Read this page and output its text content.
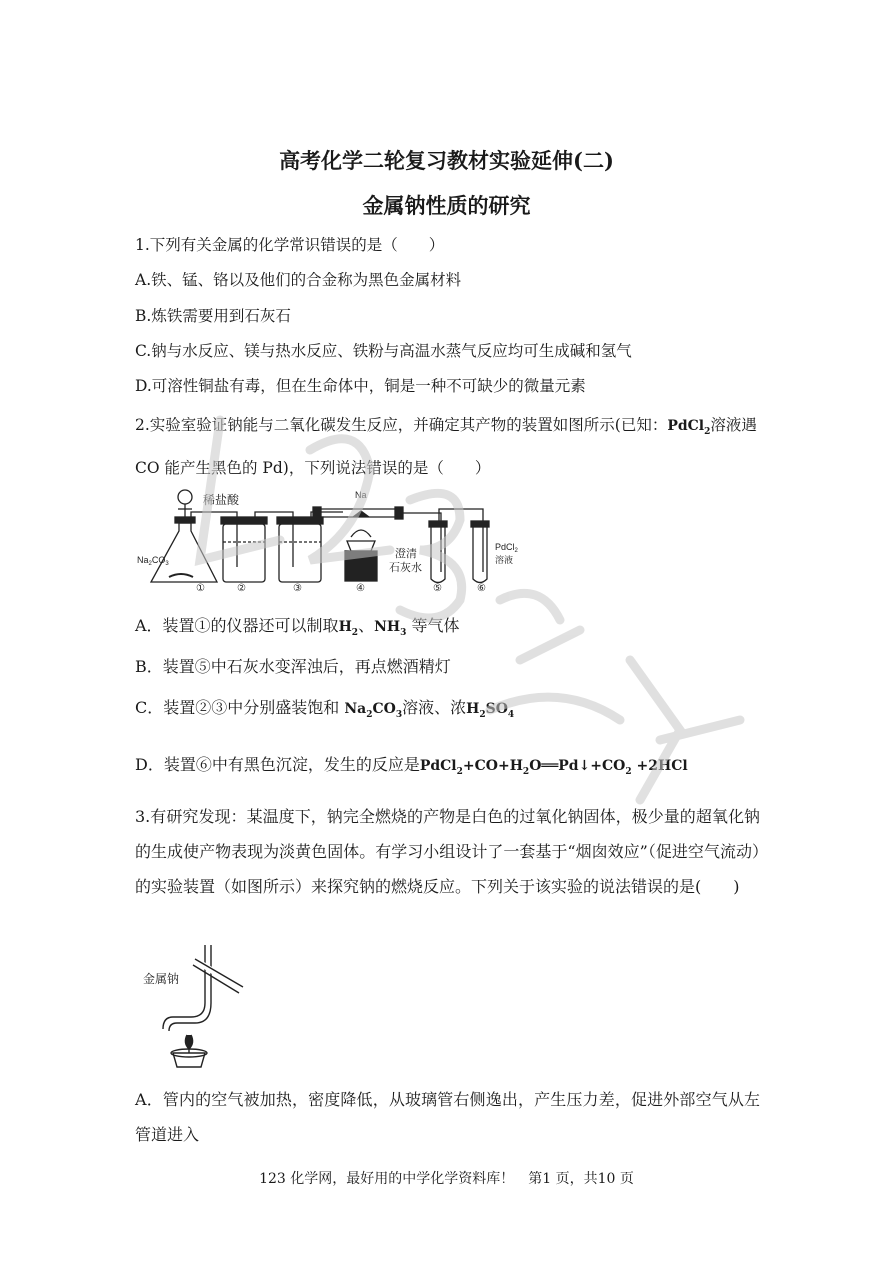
高考化学二轮复习教材实验延伸(二)
金属钠性质的研究
1.下列有关金属的化学常识错误的是（　　）
A.铁、锰、铬以及他们的合金称为黑色金属材料
B.炼铁需要用到石灰石
C.钠与水反应、镁与热水反应、铁粉与高温水蒸气反应均可生成碱和氢气
D.可溶性铜盐有毒，但在生命体中，铜是一种不可缺少的微量元素
2.实验室验证钠能与二氧化碳发生反应，并确定其产物的装置如图所示(已知：PdCl$_2$溶液遇
CO 能产生黑色的 Pd)，下列说法错误的是（　　）
稀盐酸
$Na_2CO_3$
Na
澄清
石灰水
PdCl$_2$
溶液
①	②	③	④	⑤	⑥
A．装置①的仪器还可以制取$H_2$、$NH_3$ 等气体
B．装置⑤中石灰水变浑浊后，再点燃酒精灯
C．装置②③中分别盛装饱和 $Na_2CO_3$溶液、浓$H_2SO_4$
D．装置⑥中有黑色沉淀，发生的反应是$PdCl_2+CO+H_2O══Pd↓+CO_2 +2HCl$
3.有研究发现：某温度下，钠完全燃烧的产物是白色的过氧化钠固体，极少量的超氧化钠的生成使产物表现为淡黄色固体。有学习小组设计了一套基于“烟囱效应”（促进空气流动）的实验装置（如图所示）来探究钠的燃烧反应。下列关于该实验的说法错误的是(　　)
金属钠
A．管内的空气被加热，密度降低，从玻璃管右侧逸出，产生压力差，促进外部空气从左管道进入
123 化学网，最好用的中学化学资料库！　第1 页，共10 页
